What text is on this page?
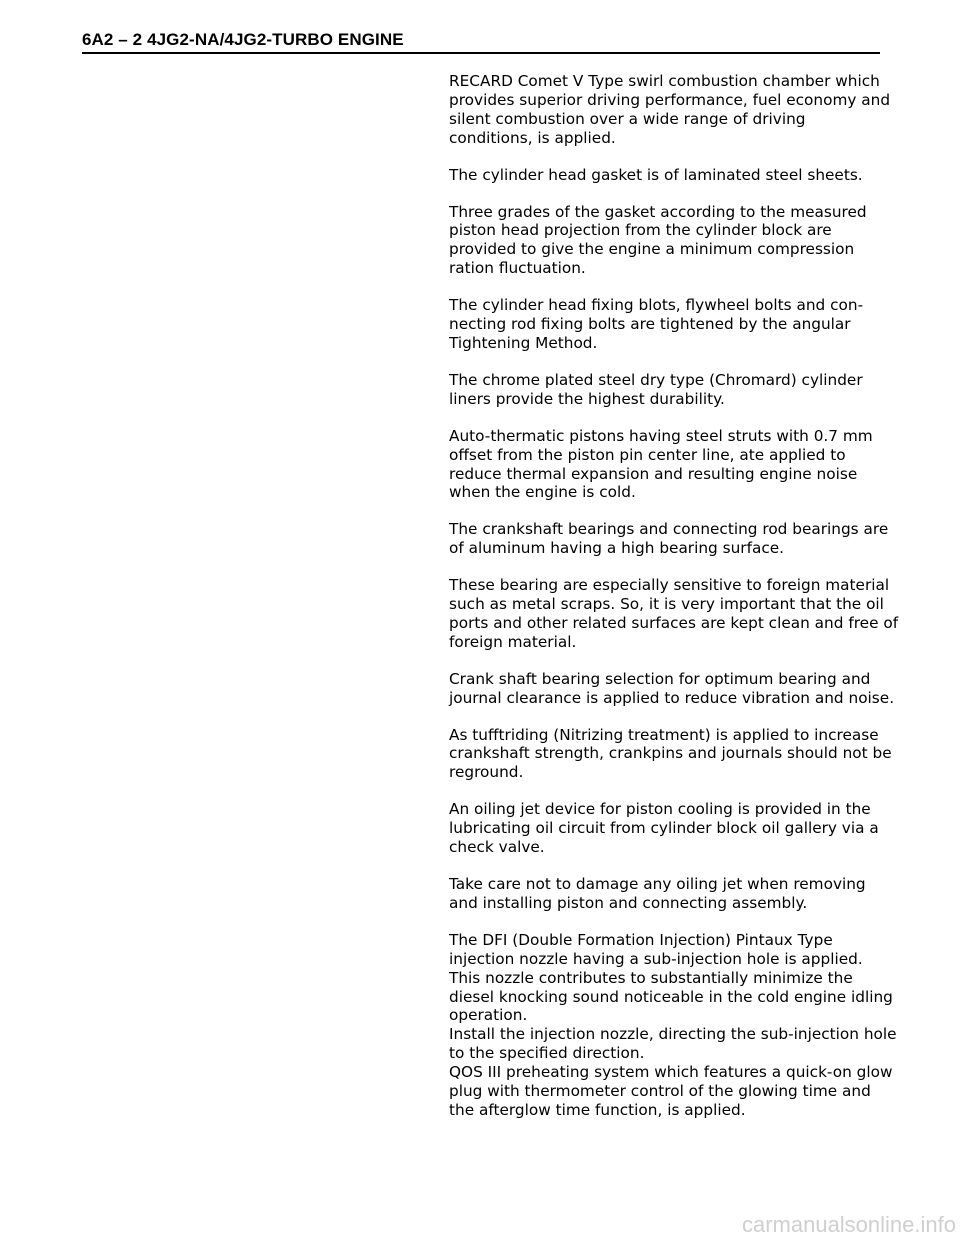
6A2 – 2 4JG2-NA/4JG2-TURBO ENGINE

RECARD Comet V Type swirl combustion chamber which
provides superior driving performance, fuel economy and
silent combustion over a wide range of driving
conditions, is applied.

The cylinder head gasket is of laminated steel sheets.

Three grades of the gasket according to the measured
piston head projection from the cylinder block are
provided to give the engine a minimum compression
ration fluctuation.

The cylinder head fixing blots, flywheel bolts and con-
necting rod fixing bolts are tightened by the angular
Tightening Method.

The chrome plated steel dry type (Chromard) cylinder
liners provide the highest durability.

Auto-thermatic pistons having steel struts with 0.7 mm
offset from the piston pin center line, ate applied to
reduce thermal expansion and resulting engine noise
when the engine is cold.

The crankshaft bearings and connecting rod bearings are
of aluminum having a high bearing surface.

These bearing are especially sensitive to foreign material
such as metal scraps. So, it is very important that the oil
ports and other related surfaces are kept clean and free of
foreign material.

Crank shaft bearing selection for optimum bearing and
journal clearance is applied to reduce vibration and noise.

As tufftriding (Nitrizing treatment) is applied to increase
crankshaft strength, crankpins and journals should not be
reground.

An oiling jet device for piston cooling is provided in the
lubricating oil circuit from cylinder block oil gallery via a
check valve.

Take care not to damage any oiling jet when removing
and installing piston and connecting assembly.

The DFI (Double Formation Injection) Pintaux Type
injection nozzle having a sub-injection hole is applied.
This nozzle contributes to substantially minimize the
diesel knocking sound noticeable in the cold engine idling
operation.
Install the injection nozzle, directing the sub-injection hole
to the specified direction.
QOS III preheating system which features a quick-on glow
plug with thermometer control of the glowing time and
the afterglow time function, is applied.

carmanualsonline.info
